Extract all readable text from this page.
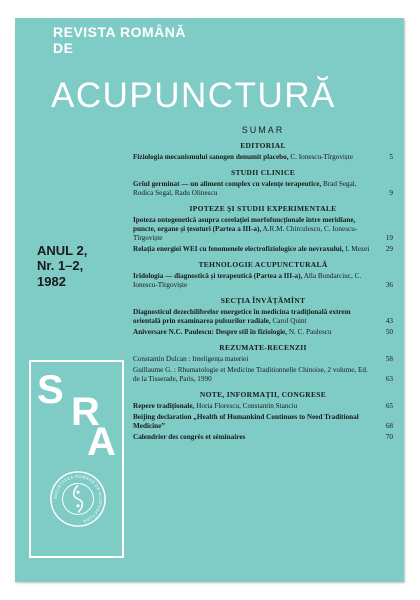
REVISTA ROMÂNĂ
DE
ACUPUNCTURĂ
ANUL 2,
Nr. 1–2,
1982
S R
A
SOCIETATEA ROMÂNĂ DE ACUPUNCTURĂ
SUMAR
EDITORIAL
Fiziologia mecanismului sanogen denumit placebo, C. Ionescu-Tîrgoviște	5
STUDII CLINICE
Grîul germinat — un aliment complex cu valențe terapeutice, Brad Segal, Rodica Segal, Radu Olinescu	9
IPOTEZE ȘI STUDII EXPERIMENTALE
Ipoteza ontogenetică asupra corelației morfofuncționale între meridiane, puncte, organe și țesuturi (Partea a III-a), A.R.M. Chirculescu, C. Ionescu-Tîrgoviște	19
Relația energiei WEI cu fenomenele electrofiziologice ale nevraxului, I. Mezei	29
TEHNOLOGIE ACUPUNCTURALĂ
Iridologia — diagnostică și terapeutică (Partea a III-a), Alla Bondarciuc, C. Ionescu-Tîrgoviște	36
SECȚIA ÎNVĂȚĂMÎNT
Diagnosticul dezechilibrelor energetice în medicina tradițională extrem orientală prin examinarea pulsurilor radiale, Carol Quint	43
Aniversare N.C. Paulescu: Despre stil în fiziologie, N. C. Paulescu	50
REZUMATE-RECENZII
Constantin Dulcan : Inteligența materiei	58
Guillaume G. : Rhumatologie et Medicine Traditionnelle Chinoise, 2 volume, Ed. de la Tisserade, Paris, 1990	63
NOTE, INFORMAȚII, CONGRESE
Repere tradiționale, Horia Florescu, Constantin Stanciu	65
Beijing declaration „Health of Humankind Continues to Need Traditional Medicine”	68
Calendrier des congrès et séminaires	70
